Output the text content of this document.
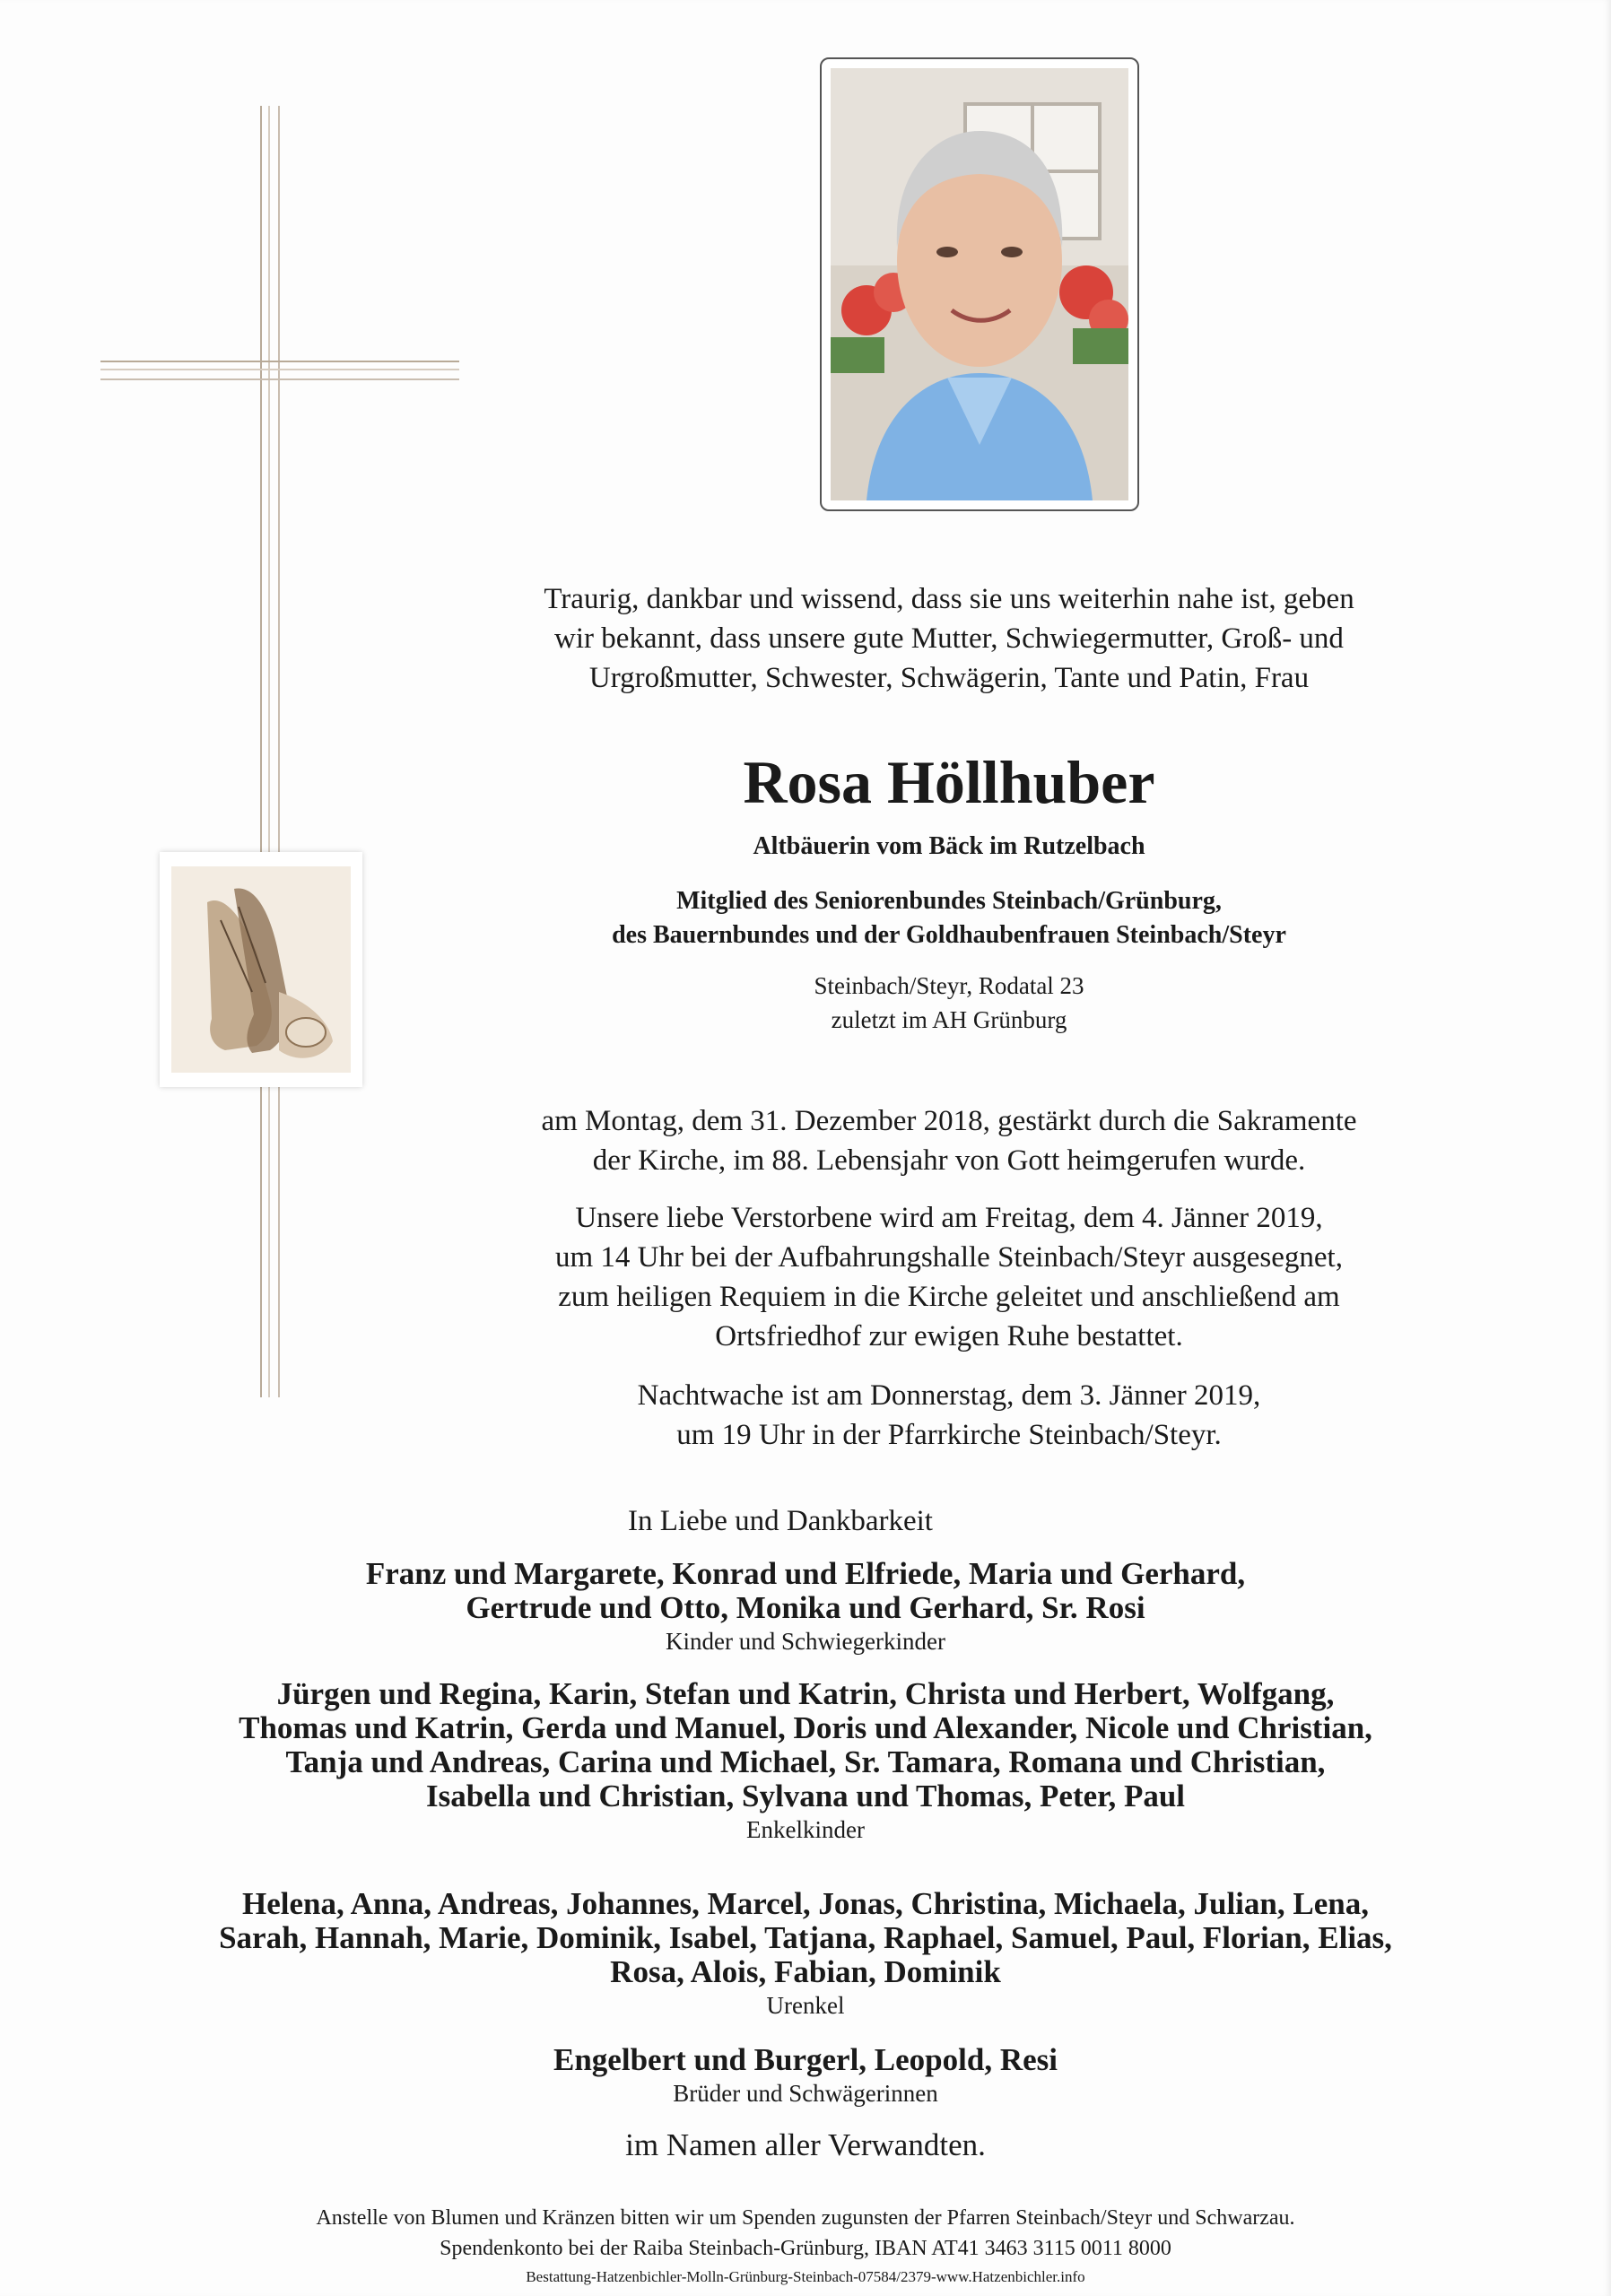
Traurig, dankbar und wissend, dass sie uns weiterhin nahe ist, geben
wir bekannt, dass unsere gute Mutter, Schwiegermutter, Groß- und
Urgroßmutter, Schwester, Schwägerin, Tante und Patin, Frau
Rosa Höllhuber
Altbäuerin vom Bäck im Rutzelbach
Mitglied des Seniorenbundes Steinbach/Grünburg,
des Bauernbundes und der Goldhaubenfrauen Steinbach/Steyr
Steinbach/Steyr, Rodatal 23
zuletzt im AH Grünburg
am Montag, dem 31. Dezember 2018, gestärkt durch die Sakramente
der Kirche, im 88. Lebensjahr von Gott heimgerufen wurde.
Unsere liebe Verstorbene wird am Freitag, dem 4. Jänner 2019,
um 14 Uhr bei der Aufbahrungshalle Steinbach/Steyr ausgesegnet,
zum heiligen Requiem in die Kirche geleitet und anschließend am
Ortsfriedhof zur ewigen Ruhe bestattet.
Nachtwache ist am Donnerstag, dem 3. Jänner 2019,
um 19 Uhr in der Pfarrkirche Steinbach/Steyr.
In Liebe und Dankbarkeit
Franz und Margarete, Konrad und Elfriede, Maria und Gerhard,
Gertrude und Otto, Monika und Gerhard, Sr. Rosi
Kinder und Schwiegerkinder
Jürgen und Regina, Karin, Stefan und Katrin, Christa und Herbert, Wolfgang,
Thomas und Katrin, Gerda und Manuel, Doris und Alexander, Nicole und Christian,
Tanja und Andreas, Carina und Michael, Sr. Tamara, Romana und Christian,
Isabella und Christian, Sylvana und Thomas, Peter, Paul
Enkelkinder
Helena, Anna, Andreas, Johannes, Marcel, Jonas, Christina, Michaela, Julian, Lena,
Sarah, Hannah, Marie, Dominik, Isabel, Tatjana, Raphael, Samuel, Paul, Florian, Elias,
Rosa, Alois, Fabian, Dominik
Urenkel
Engelbert und Burgerl, Leopold, Resi
Brüder und Schwägerinnen
im Namen aller Verwandten.
Anstelle von Blumen und Kränzen bitten wir um Spenden zugunsten der Pfarren Steinbach/Steyr und Schwarzau.
Spendenkonto bei der Raiba Steinbach-Grünburg, IBAN AT41 3463 3115 0011 8000
Bestattung-Hatzenbichler-Molln-Grünburg-Steinbach-07584/2379-www.Hatzenbichler.info
